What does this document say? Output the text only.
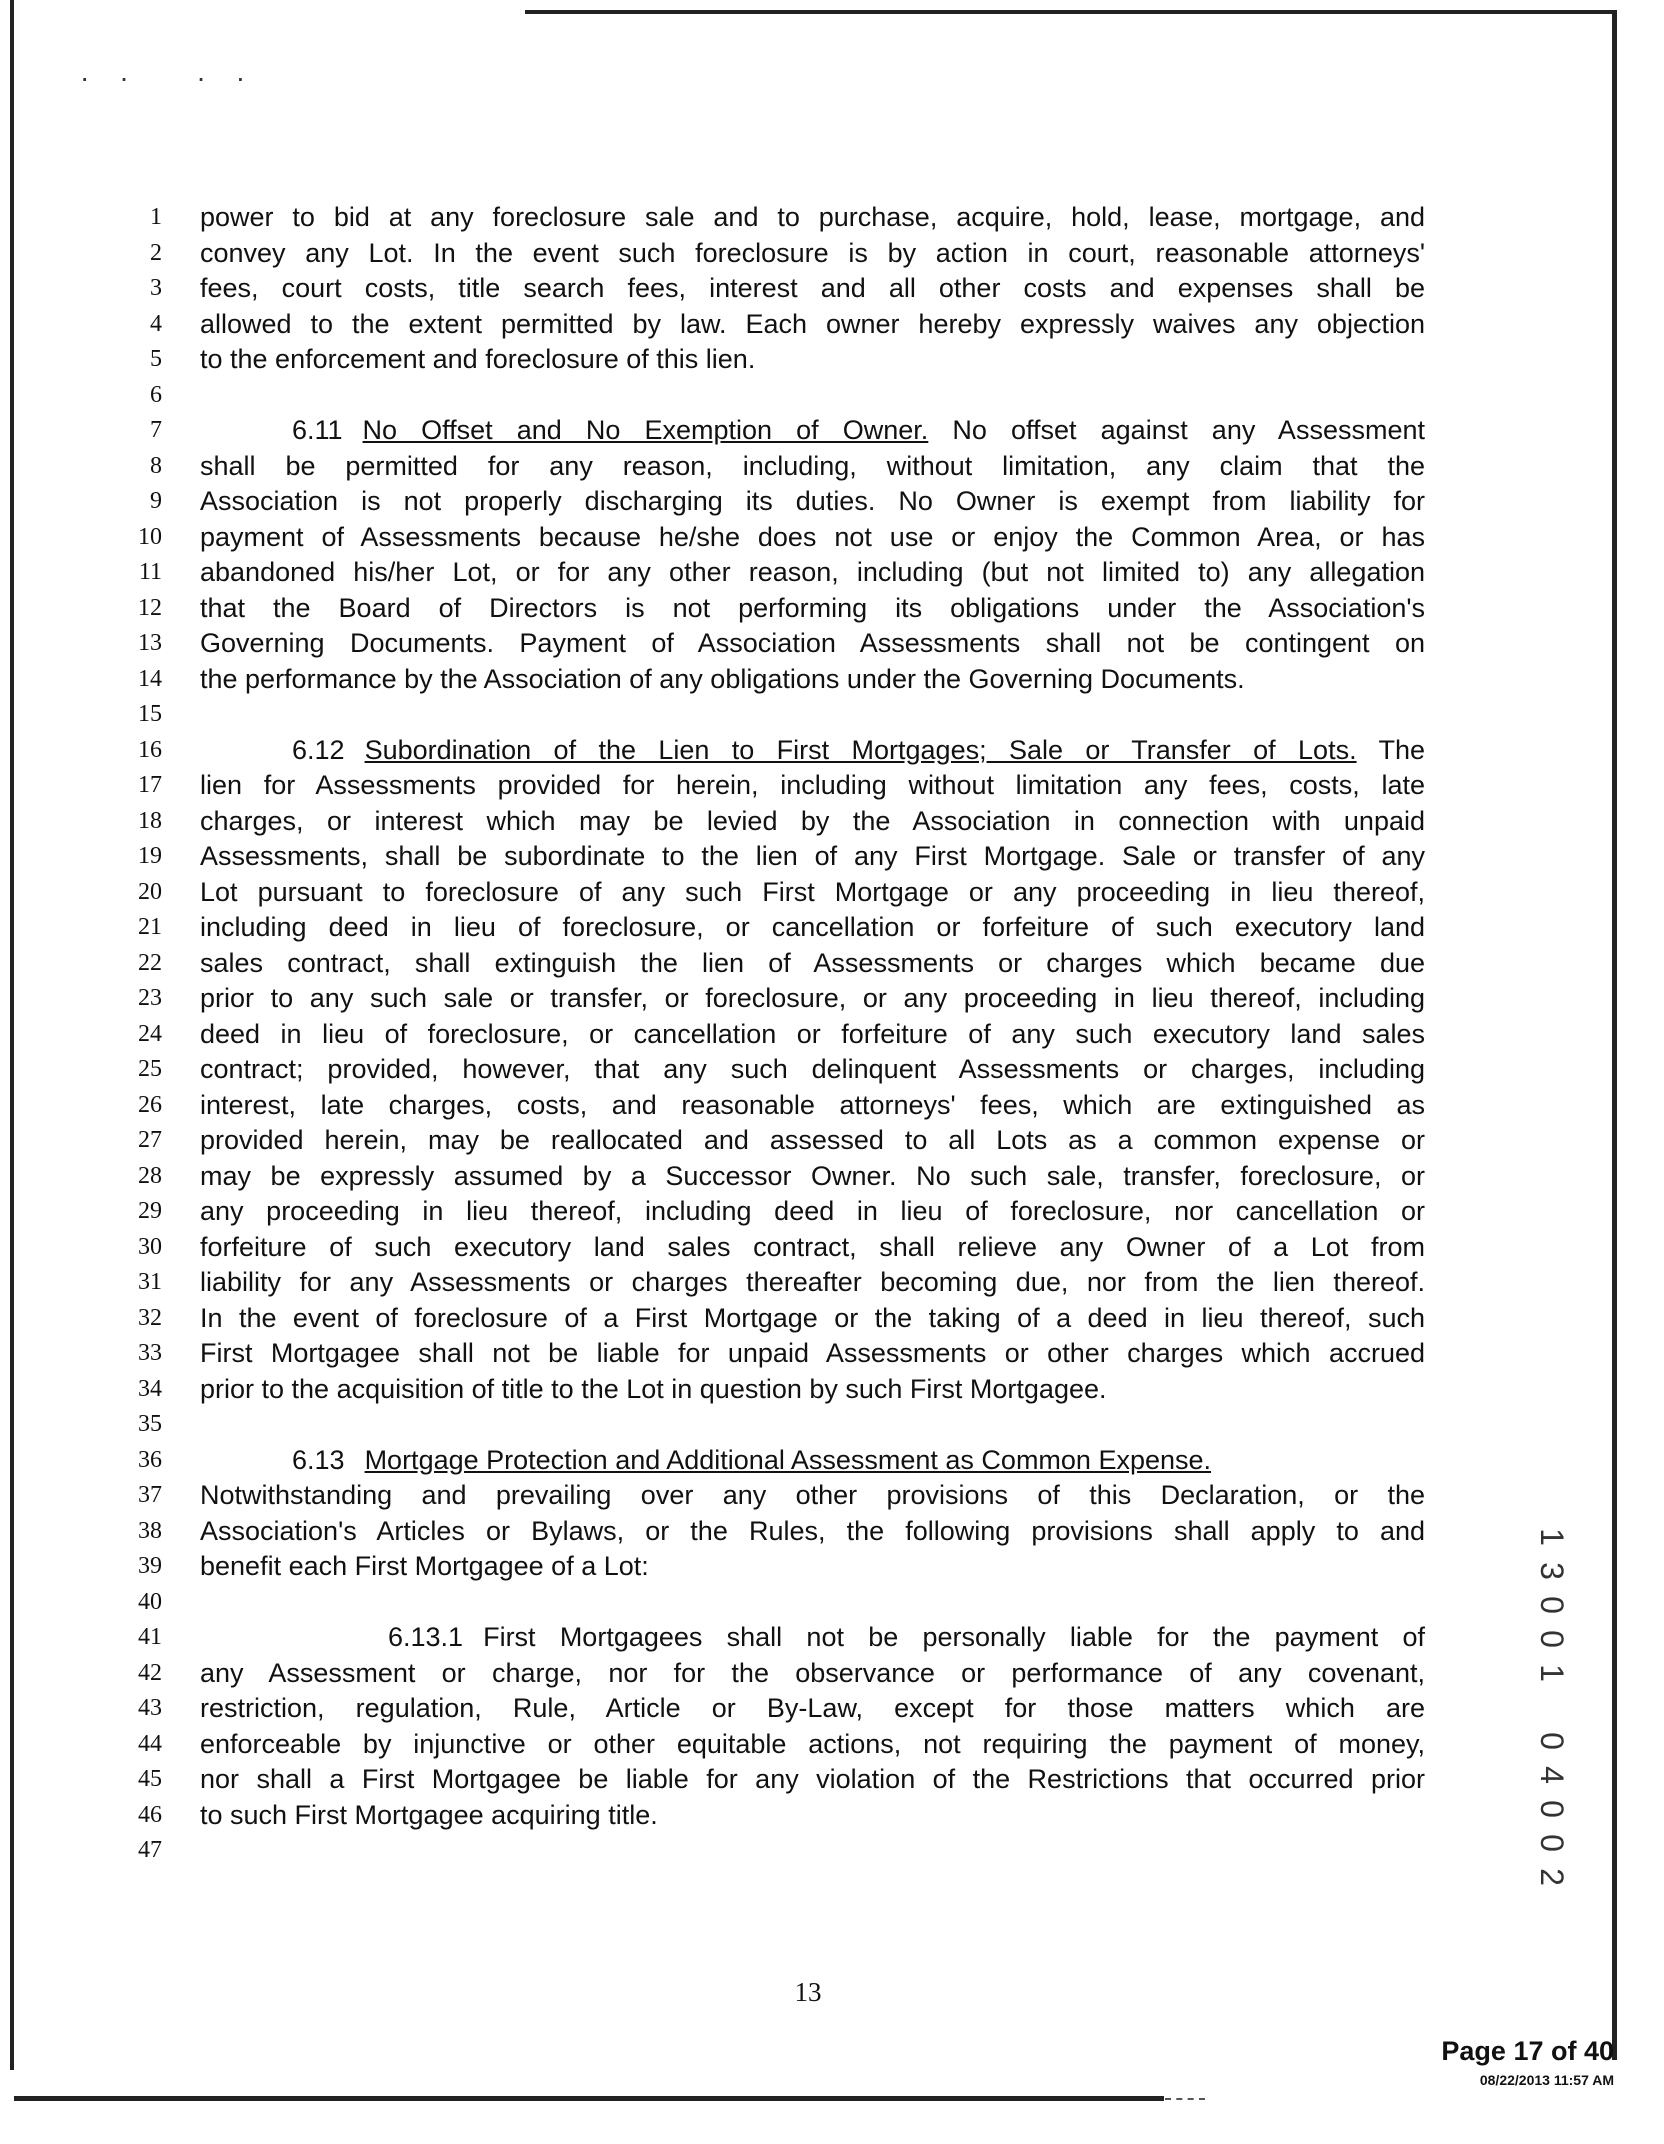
·· ··
1 power to bid at any foreclosure sale and to purchase, acquire, hold, lease, mortgage, and
2 convey any Lot. In the event such foreclosure is by action in court, reasonable attorneys'
3 fees, court costs, title search fees, interest and all other costs and expenses shall be
4 allowed to the extent permitted by law. Each owner hereby expressly waives any objection
5 to the enforcement and foreclosure of this lien.
6
7	6.11 No Offset and No Exemption of Owner. No offset against any Assessment
8 shall be permitted for any reason, including, without limitation, any claim that the
9 Association is not properly discharging its duties. No Owner is exempt from liability for
10 payment of Assessments because he/she does not use or enjoy the Common Area, or has
11 abandoned his/her Lot, or for any other reason, including (but not limited to) any allegation
12 that the Board of Directors is not performing its obligations under the Association's
13 Governing Documents. Payment of Association Assessments shall not be contingent on
14 the performance by the Association of any obligations under the Governing Documents.
15
16	6.12 Subordination of the Lien to First Mortgages; Sale or Transfer of Lots. The
17 lien for Assessments provided for herein, including without limitation any fees, costs, late
18 charges, or interest which may be levied by the Association in connection with unpaid
19 Assessments, shall be subordinate to the lien of any First Mortgage. Sale or transfer of any
20 Lot pursuant to foreclosure of any such First Mortgage or any proceeding in lieu thereof,
21 including deed in lieu of foreclosure, or cancellation or forfeiture of such executory land
22 sales contract, shall extinguish the lien of Assessments or charges which became due
23 prior to any such sale or transfer, or foreclosure, or any proceeding in lieu thereof, including
24 deed in lieu of foreclosure, or cancellation or forfeiture of any such executory land sales
25 contract; provided, however, that any such delinquent Assessments or charges, including
26 interest, late charges, costs, and reasonable attorneys' fees, which are extinguished as
27 provided herein, may be reallocated and assessed to all Lots as a common expense or
28 may be expressly assumed by a Successor Owner. No such sale, transfer, foreclosure, or
29 any proceeding in lieu thereof, including deed in lieu of foreclosure, nor cancellation or
30 forfeiture of such executory land sales contract, shall relieve any Owner of a Lot from
31 liability for any Assessments or charges thereafter becoming due, nor from the lien thereof.
32 In the event of foreclosure of a First Mortgage or the taking of a deed in lieu thereof, such
33 First Mortgagee shall not be liable for unpaid Assessments or other charges which accrued
34 prior to the acquisition of title to the Lot in question by such First Mortgagee.
35
36	6.13 Mortgage Protection and Additional Assessment as Common Expense.
37 Notwithstanding and prevailing over any other provisions of this Declaration, or the
38 Association's Articles or Bylaws, or the Rules, the following provisions shall apply to and
39 benefit each First Mortgagee of a Lot:
40
41	6.13.1 First Mortgagees shall not be personally liable for the payment of
42 any Assessment or charge, nor for the observance or performance of any covenant,
43 restriction, regulation, Rule, Article or By-Law, except for those matters which are
44 enforceable by injunctive or other equitable actions, not requiring the payment of money,
45 nor shall a First Mortgagee be liable for any violation of the Restrictions that occurred prior
46 to such First Mortgagee acquiring title.
47
1
3
0
0
1
0
4
0
0
2
13
Page 17 of 40
08/22/2013 11:57 AM
